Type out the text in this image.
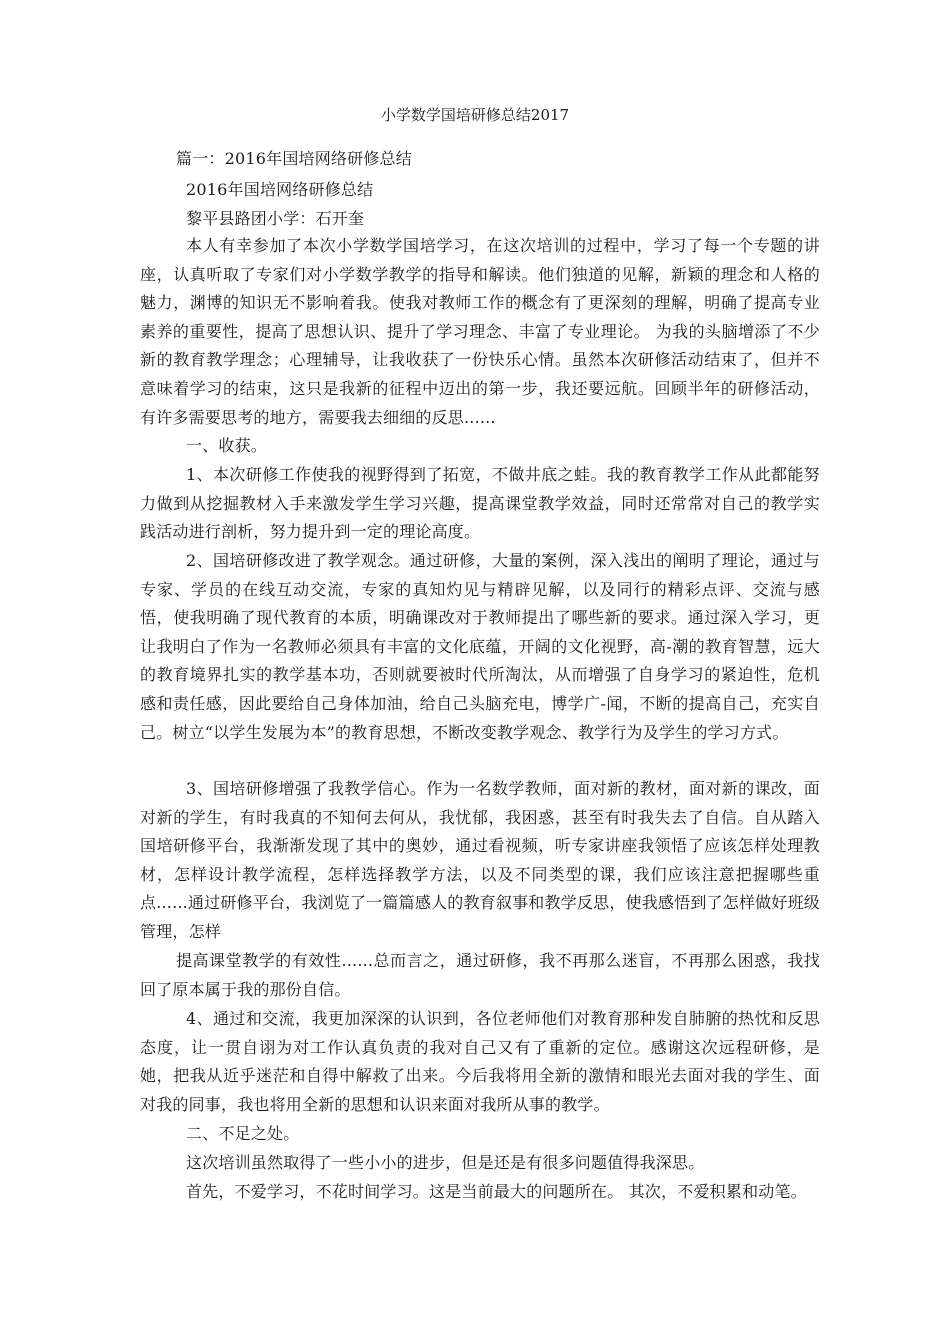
小学数学国培研修总结2017
篇一：2016年国培网络研修总结
2016年国培网络研修总结
黎平县路团小学：石开奎
本人有幸参加了本次小学数学国培学习，在这次培训的过程中，学习了每一个专题的讲座，认真听取了专家们对小学数学教学的指导和解读。他们独道的见解，新颖的理念和人格的魅力，渊博的知识无不影响着我。使我对教师工作的概念有了更深刻的理解，明确了提高专业素养的重要性，提高了思想认识、提升了学习理念、丰富了专业理论。 为我的头脑增添了不少新的教育教学理念；心理辅导，让我收获了一份快乐心情。虽然本次研修活动结束了，但并不意味着学习的结束，这只是我新的征程中迈出的第一步，我还要远航。回顾半年的研修活动，有许多需要思考的地方，需要我去细细的反思......
一、收获。
1、本次研修工作使我的视野得到了拓宽，不做井底之蛙。我的教育教学工作从此都能努力做到从挖掘教材入手来激发学生学习兴趣，提高课堂教学效益，同时还常常对自己的教学实践活动进行剖析，努力提升到一定的理论高度。
2、国培研修改进了教学观念。通过研修，大量的案例，深入浅出的阐明了理论，通过与专家、学员的在线互动交流，专家的真知灼见与精辟见解，以及同行的精彩点评、交流与感悟，使我明确了现代教育的本质，明确课改对于教师提出了哪些新的要求。通过深入学习，更让我明白了作为一名教师必须具有丰富的文化底蕴，开阔的文化视野，高-潮的教育智慧，远大的教育境界扎实的教学基本功，否则就要被时代所淘汰，从而增强了自身学习的紧迫性，危机感和责任感，因此要给自己身体加油，给自己头脑充电，博学广-闻，不断的提高自己，充实自己。树立“以学生发展为本”的教育思想，不断改变教学观念、教学行为及学生的学习方式。
3、国培研修增强了我教学信心。作为一名数学教师，面对新的教材，面对新的课改，面对新的学生，有时我真的不知何去何从，我忧郁，我困惑，甚至有时我失去了自信。自从踏入国培研修平台，我渐渐发现了其中的奥妙，通过看视频，听专家讲座我领悟了应该怎样处理教材，怎样设计教学流程，怎样选择教学方法，以及不同类型的课，我们应该注意把握哪些重点......通过研修平台，我浏览了一篇篇感人的教育叙事和教学反思，使我感悟到了怎样做好班级管理，怎样
提高课堂教学的有效性......总而言之，通过研修，我不再那么迷盲，不再那么困惑，我找回了原本属于我的那份自信。
4、通过和交流，我更加深深的认识到，各位老师他们对教育那种发自肺腑的热忱和反思态度，让一贯自诩为对工作认真负责的我对自己又有了重新的定位。感谢这次远程研修，是她，把我从近乎迷茫和自得中解救了出来。今后我将用全新的激情和眼光去面对我的学生、面对我的同事，我也将用全新的思想和认识来面对我所从事的教学。
二、不足之处。
这次培训虽然取得了一些小小的进步，但是还是有很多问题值得我深思。
首先，不爱学习，不花时间学习。这是当前最大的问题所在。 其次，不爱积累和动笔。
